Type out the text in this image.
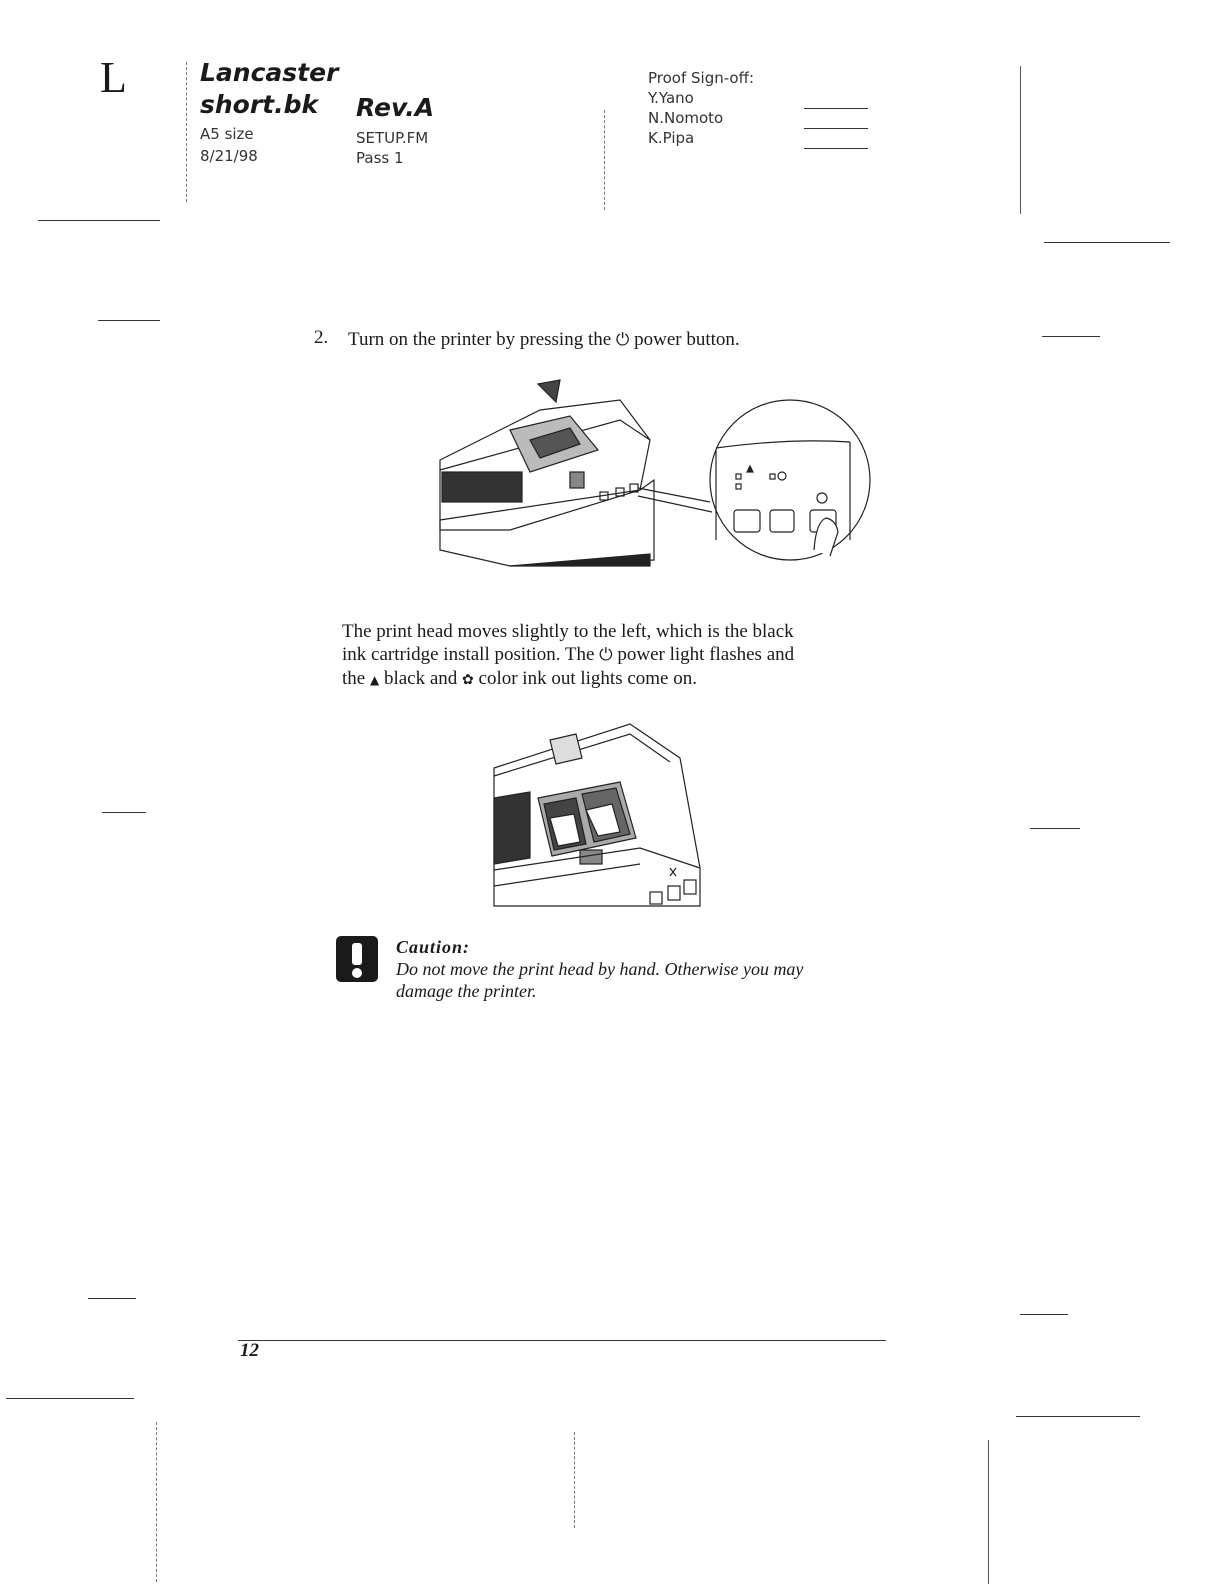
L	Lancaster
short.bk Rev.A
A5 size
8/21/98
SETUP.FM
Pass 1
Proof Sign-off:
Y.Yano
N.Nomoto
K.Pipa
2. Turn on the printer by pressing the ⏻ power button.
The print head moves slightly to the left, which is the black
ink cartridge install position. The ⏻ power light flashes and
the ▲ black and ✿ color ink out lights come on.
Caution:
Do not move the print head by hand. Otherwise you may
damage the printer.
12
